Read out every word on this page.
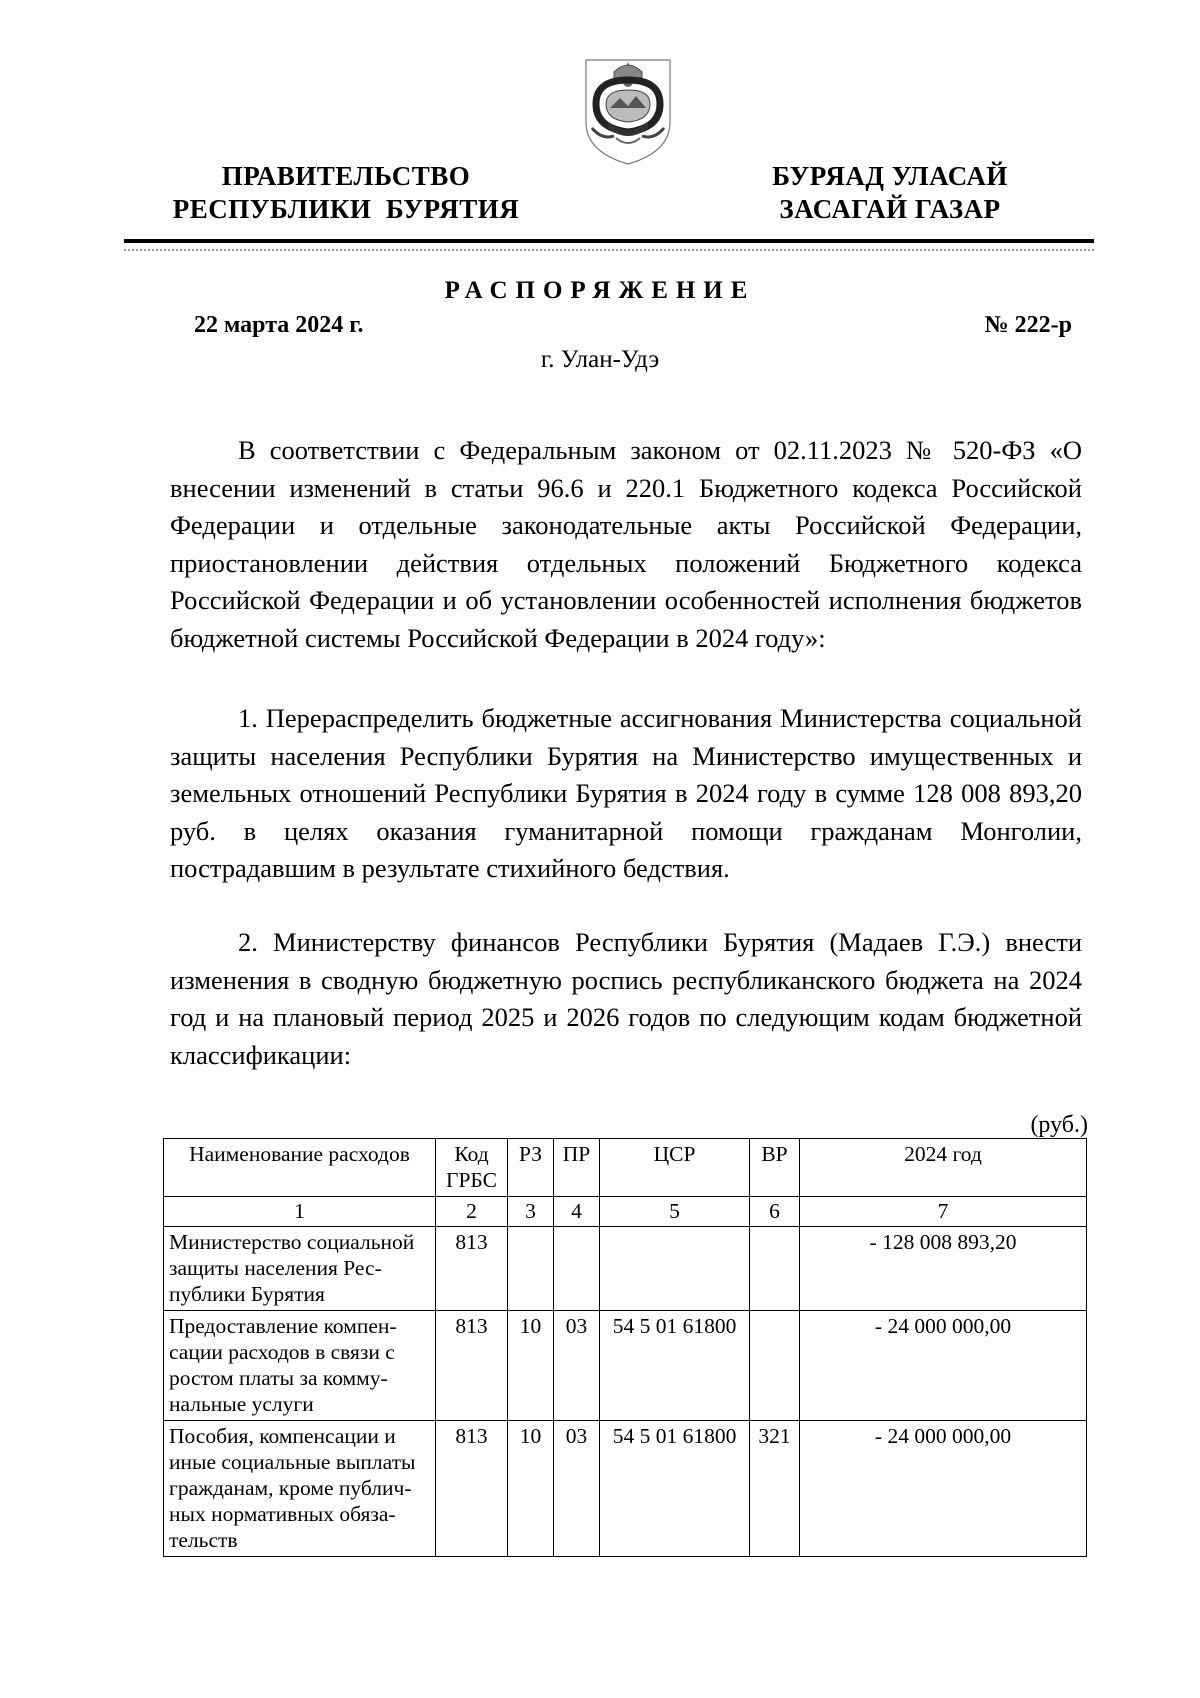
ПРАВИТЕЛЬСТВО
РЕСПУБЛИКИ  БУРЯТИЯ
БУРЯАД УЛАСАЙ
ЗАСАГАЙ ГАЗАР
РАСПОРЯЖЕНИЕ
22 марта 2024 г.	№ 222-р
г. Улан-Удэ
В соответствии с Федеральным законом от 02.11.2023 № 520-ФЗ «О внесении изменений в статьи 96.6 и 220.1 Бюджетного кодекса Российской Федерации и отдельные законодательные акты Российской Федерации, приостановлении действия отдельных положений Бюджетного кодекса Российской Федерации и об установлении особенностей исполнения бюджетов бюджетной системы Российской Федерации в 2024 году»:
1. Перераспределить бюджетные ассигнования Министерства социальной защиты населения Республики Бурятия на Министерство имущественных и земельных отношений Республики Бурятия в 2024 году в сумме 128 008 893,20 руб. в целях оказания гуманитарной помощи гражданам Монголии, пострадавшим в результате стихийного бедствия.
2. Министерству финансов Республики Бурятия (Мадаев Г.Э.) внести изменения в сводную бюджетную роспись республиканского бюджета на 2024 год и на плановый период 2025 и 2026 годов по следующим кодам бюджетной классификации:
(руб.)
Наименование расходов	Код ГРБС	РЗ	ПР	ЦСР	ВР	2024 год
1	2	3	4	5	6	7
Министерство социальной защиты населения Республики Бурятия	813					- 128 008 893,20
Предоставление компенсации расходов в связи с ростом платы за коммунальные услуги	813	10	03	54 5 01 61800		- 24 000 000,00
Пособия, компенсации и иные социальные выплаты гражданам, кроме публичных нормативных обязательств	813	10	03	54 5 01 61800	321	- 24 000 000,00
